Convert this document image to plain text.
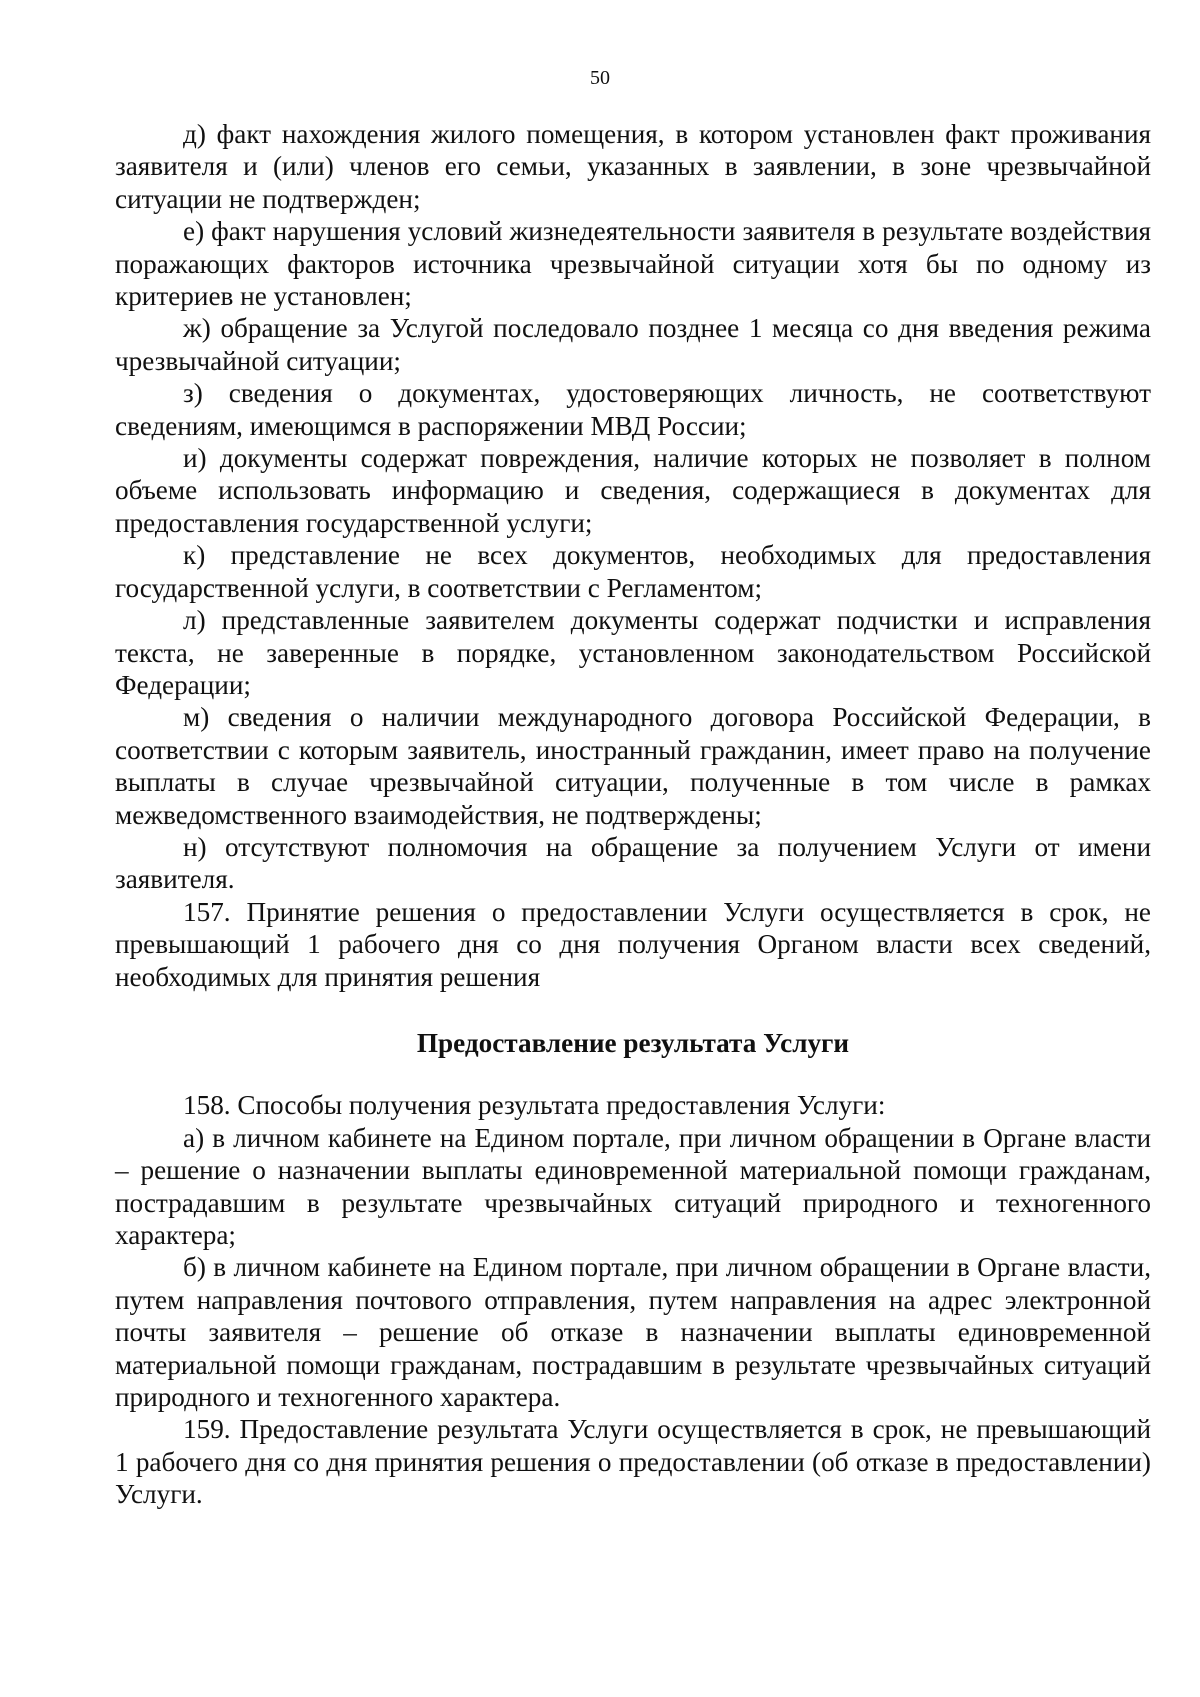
50

д) факт нахождения жилого помещения, в котором установлен факт проживания заявителя и (или) членов его семьи, указанных в заявлении, в зоне чрезвычайной ситуации не подтвержден;

е) факт нарушения условий жизнедеятельности заявителя в результате воздействия поражающих факторов источника чрезвычайной ситуации хотя бы по одному из критериев не установлен;

ж) обращение за Услугой последовало позднее 1 месяца со дня введения режима чрезвычайной ситуации;

з) сведения о документах, удостоверяющих личность, не соответствуют сведениям, имеющимся в распоряжении МВД России;

и) документы содержат повреждения, наличие которых не позволяет в полном объеме использовать информацию и сведения, содержащиеся в документах для предоставления государственной услуги;

к) представление не всех документов, необходимых для предоставления государственной услуги, в соответствии с Регламентом;

л) представленные заявителем документы содержат подчистки и исправления текста, не заверенные в порядке, установленном законодательством Российской Федерации;

м) сведения о наличии международного договора Российской Федерации, в соответствии с которым заявитель, иностранный гражданин, имеет право на получение выплаты в случае чрезвычайной ситуации, полученные в том числе в рамках межведомственного взаимодействия, не подтверждены;

н) отсутствуют полномочия на обращение за получением Услуги от имени заявителя.

157. Принятие решения о предоставлении Услуги осуществляется в срок, не превышающий 1 рабочего дня со дня получения Органом власти всех сведений, необходимых для принятия решения

Предоставление результата Услуги

158. Способы получения результата предоставления Услуги:

а) в личном кабинете на Едином портале, при личном обращении в Органе власти – решение о назначении выплаты единовременной материальной помощи гражданам, пострадавшим в результате чрезвычайных ситуаций природного и техногенного характера;

б) в личном кабинете на Едином портале, при личном обращении в Органе власти, путем направления почтового отправления, путем направления на адрес электронной почты заявителя – решение об отказе в назначении выплаты единовременной материальной помощи гражданам, пострадавшим в результате чрезвычайных ситуаций природного и техногенного характера.

159. Предоставление результата Услуги осуществляется в срок, не превышающий 1 рабочего дня со дня принятия решения о предоставлении (об отказе в предоставлении) Услуги.
